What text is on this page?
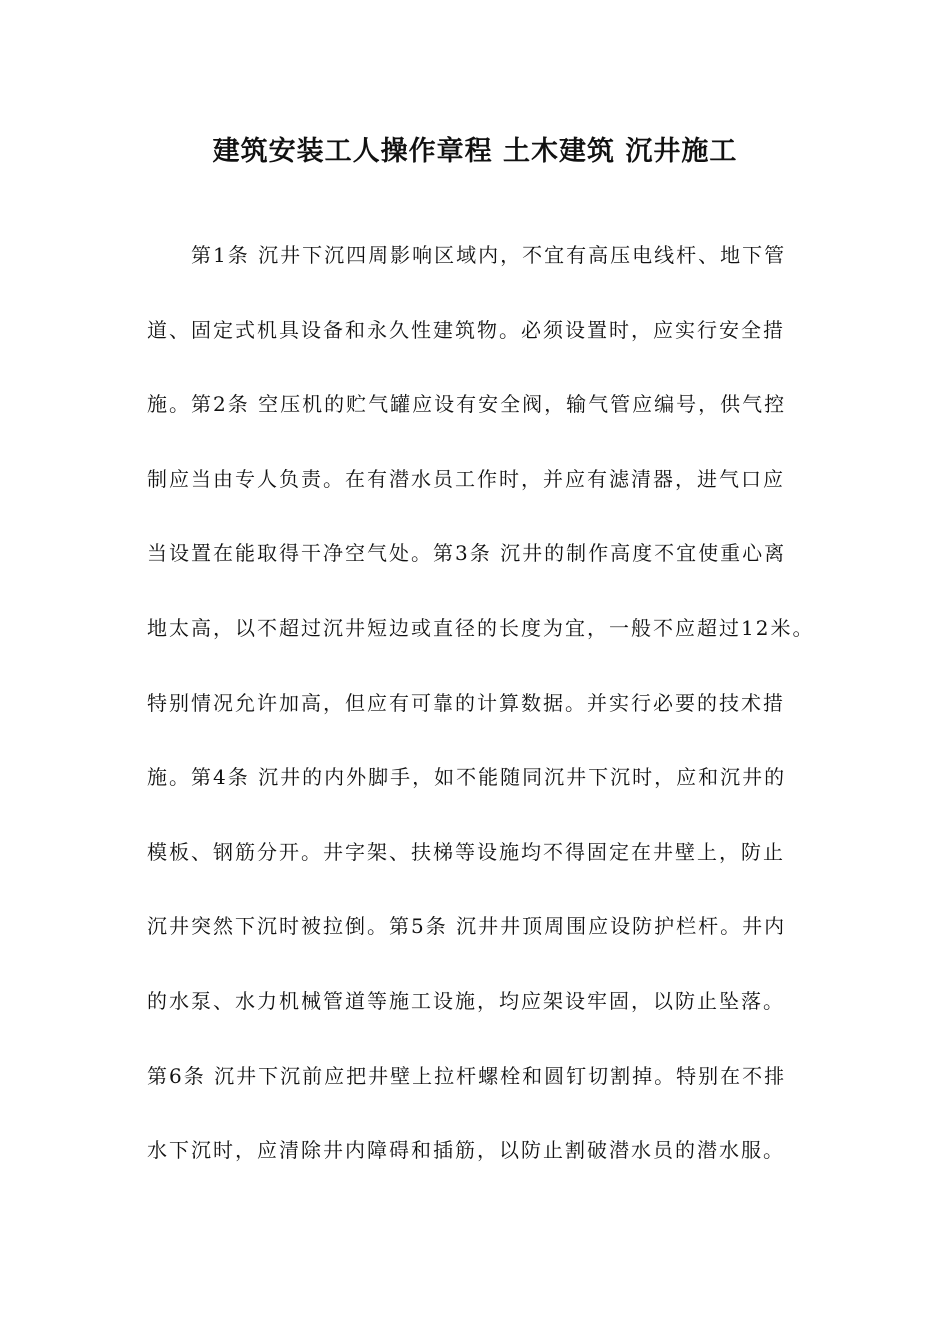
建筑安装工人操作章程 土木建筑 沉井施工
第1条 沉井下沉四周影响区域内，不宜有高压电线杆、地下管
道、固定式机具设备和永久性建筑物。必须设置时，应实行安全措
施。第2条 空压机的贮气罐应设有安全阀，输气管应编号，供气控
制应当由专人负责。在有潜水员工作时，并应有滤清器，进气口应
当设置在能取得干净空气处。第3条 沉井的制作高度不宜使重心离
地太高，以不超过沉井短边或直径的长度为宜，一般不应超过12米。
特别情况允许加高，但应有可靠的计算数据。并实行必要的技术措
施。第4条 沉井的内外脚手，如不能随同沉井下沉时，应和沉井的
模板、钢筋分开。井字架、扶梯等设施均不得固定在井壁上，防止
沉井突然下沉时被拉倒。第5条 沉井井顶周围应设防护栏杆。井内
的水泵、水力机械管道等施工设施，均应架设牢固，以防止坠落。
第6条 沉井下沉前应把井壁上拉杆螺栓和圆钉切割掉。特别在不排
水下沉时，应清除井内障碍和插筋，以防止割破潜水员的潜水服。
